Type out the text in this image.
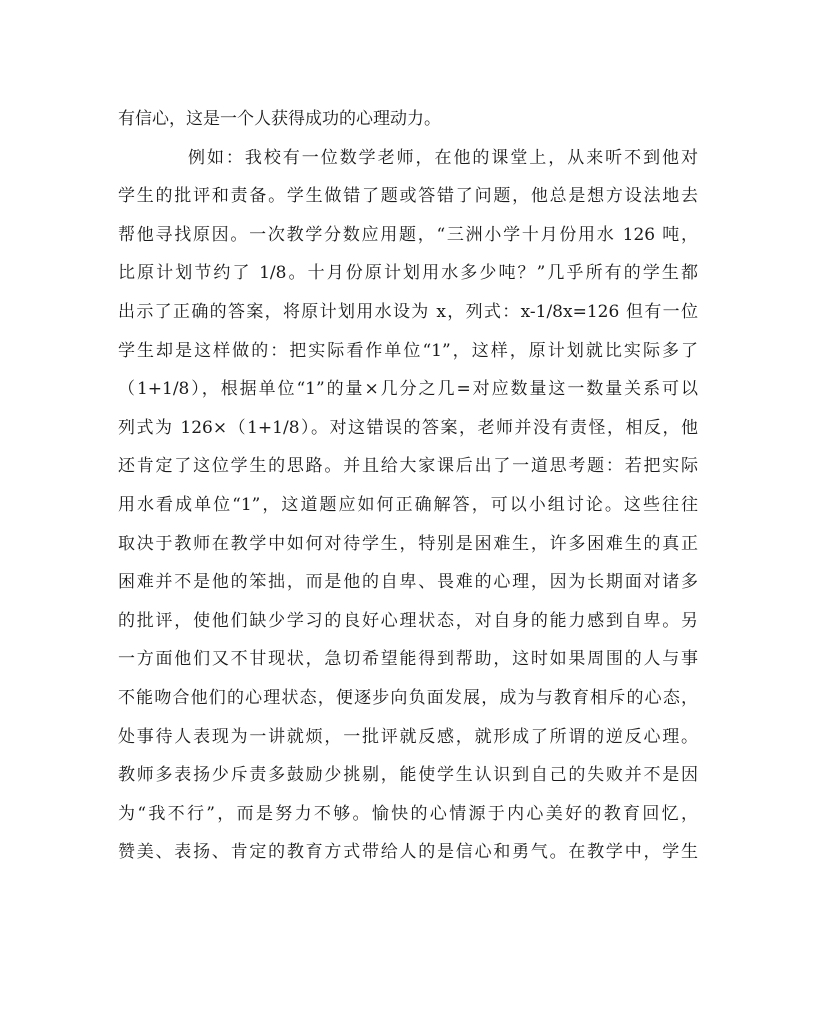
有信心，这是一个人获得成功的心理动力。
例如：我校有一位数学老师，在他的课堂上，从来听不到他对
学生的批评和责备。学生做错了题或答错了问题，他总是想方设法地去
帮他寻找原因。一次教学分数应用题，“三洲小学十月份用水 126 吨，
比原计划节约了 1/8。十月份原计划用水多少吨？”几乎所有的学生都
出示了正确的答案，将原计划用水设为 x，列式：x-1/8x=126 但有一位
学生却是这样做的：把实际看作单位“1”，这样，原计划就比实际多了
（1+1/8），根据单位“1”的量×几分之几=对应数量这一数量关系可以
列式为 126×（1+1/8）。对这错误的答案，老师并没有责怪，相反，他
还肯定了这位学生的思路。并且给大家课后出了一道思考题：若把实际
用水看成单位“1”，这道题应如何正确解答，可以小组讨论。这些往往
取决于教师在教学中如何对待学生，特别是困难生，许多困难生的真正
困难并不是他的笨拙，而是他的自卑、畏难的心理，因为长期面对诸多
的批评，使他们缺少学习的良好心理状态，对自身的能力感到自卑。另
一方面他们又不甘现状，急切希望能得到帮助，这时如果周围的人与事
不能吻合他们的心理状态，便逐步向负面发展，成为与教育相斥的心态，
处事待人表现为一讲就烦，一批评就反感，就形成了所谓的逆反心理。
教师多表扬少斥责多鼓励少挑剔，能使学生认识到自己的失败并不是因
为“我不行”，而是努力不够。愉快的心情源于内心美好的教育回忆，
赞美、表扬、肯定的教育方式带给人的是信心和勇气。在教学中，学生
